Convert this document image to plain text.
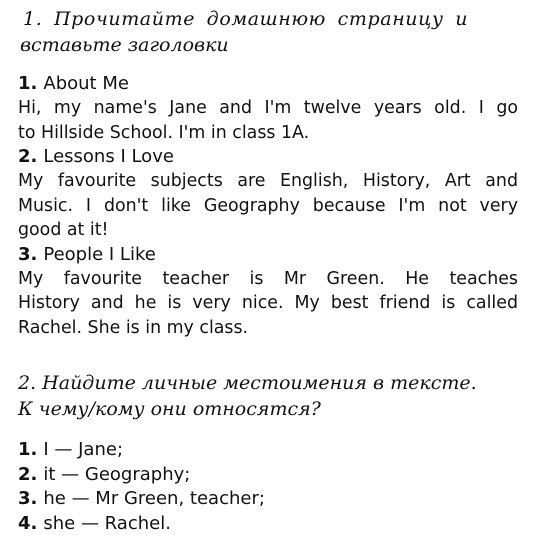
1. Прочитайте домашнюю страницу и
вставьте заголовки

1. About Me

Hi, my name's Jane and I'm twelve years old. I go
to Hillside School. I'm in class 1A.

2. Lessons I Love

My favourite subjects are English, History, Art and
Music. I don't like Geography because I'm not very
good at it!

3. People I Like

My favourite teacher is Mr Green. He teaches
History and he is very nice. My best friend is called
Rachel. She is in my class.

2. Найдите личные местоимения в тексте.
К чему/кому они относятся?
1. I — Jane;
2. it — Geography;
3. he — Mr Green, teacher;
4. she — Rachel.
